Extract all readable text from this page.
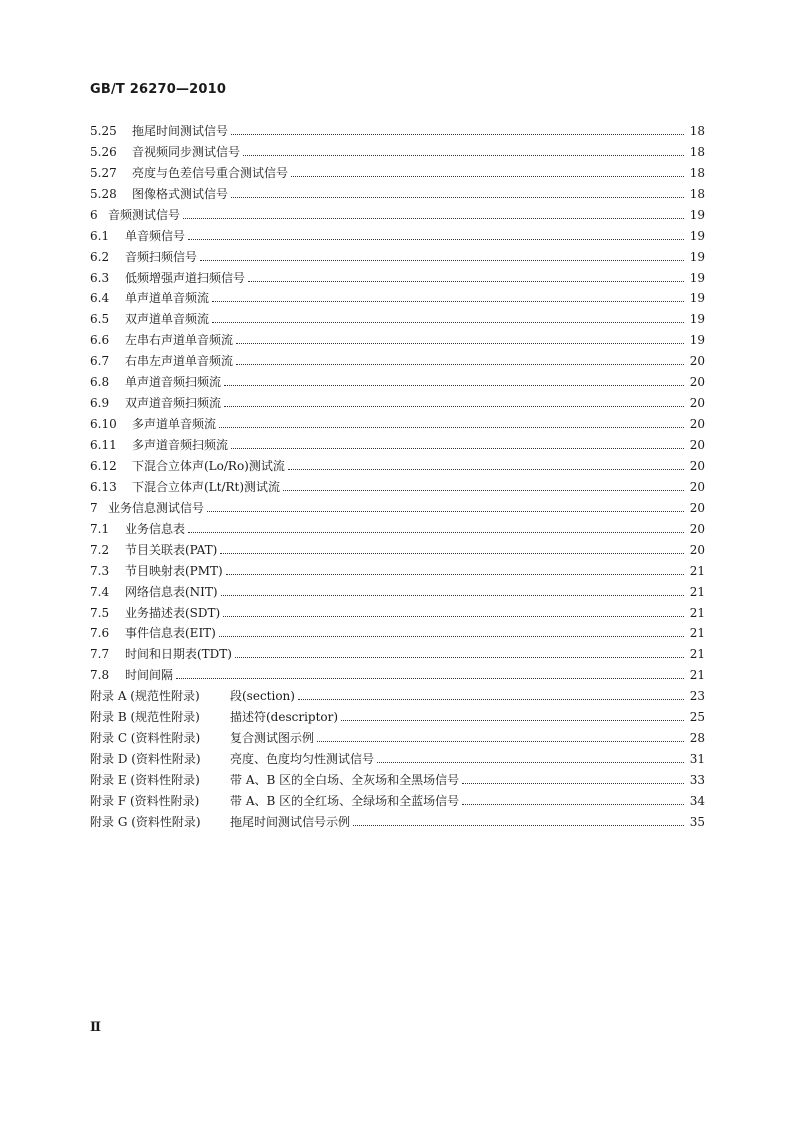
GB/T 26270—2010
5.25	拖尾时间测试信号	18
5.26	音视频同步测试信号	18
5.27	亮度与色差信号重合测试信号	18
5.28	图像格式测试信号	18
6 音频测试信号	19
6.1	单音频信号	19
6.2	音频扫频信号	19
6.3	低频增强声道扫频信号	19
6.4	单声道单音频流	19
6.5	双声道单音频流	19
6.6	左串右声道单音频流	19
6.7	右串左声道单音频流	20
6.8	单声道音频扫频流	20
6.9	双声道音频扫频流	20
6.10	多声道单音频流	20
6.11	多声道音频扫频流	20
6.12	下混合立体声(Lo/Ro)测试流	20
6.13	下混合立体声(Lt/Rt)测试流	20
7 业务信息测试信号	20
7.1	业务信息表	20
7.2	节目关联表(PAT)	20
7.3	节目映射表(PMT)	21
7.4	网络信息表(NIT)	21
7.5	业务描述表(SDT)	21
7.6	事件信息表(EIT)	21
7.7	时间和日期表(TDT)	21
7.8	时间间隔	21
附录 A (规范性附录)	段(section)	23
附录 B (规范性附录)	描述符(descriptor)	25
附录 C (资料性附录)	复合测试图示例	28
附录 D (资料性附录)	亮度、色度均匀性测试信号	31
附录 E (资料性附录)	带 A、B 区的全白场、全灰场和全黑场信号	33
附录 F (资料性附录)	带 A、B 区的全红场、全绿场和全蓝场信号	34
附录 G (资料性附录)	拖尾时间测试信号示例	35
Ⅱ
